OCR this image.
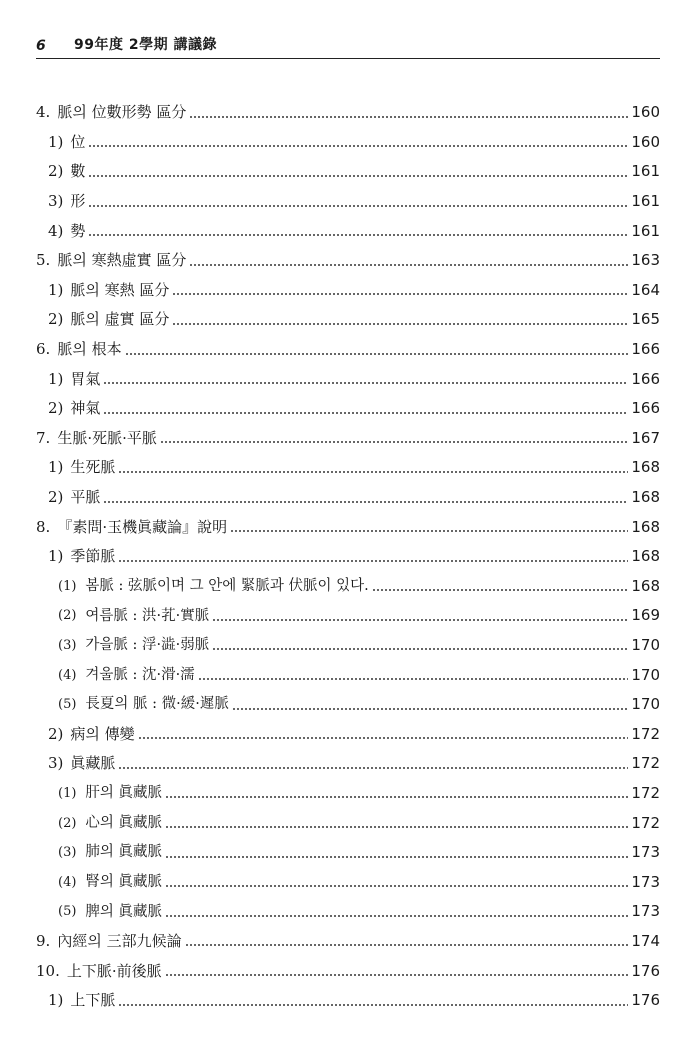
6	99年度 2學期 講議錄
4. 脈의 位數形勢 區分	160
1) 位	160
2) 數	161
3) 形	161
4) 勢	161
5. 脈의 寒熱虛實 區分	163
1) 脈의 寒熱 區分	164
2) 脈의 虛實 區分	165
6. 脈의 根本	166
1) 胃氣	166
2) 神氣	166
7. 生脈·死脈·平脈	167
1) 生死脈	168
2) 平脈	168
8. 『素問·玉機眞藏論』說明	168
1) 季節脈	168
(1) 봄脈 : 弦脈이며 그 안에 緊脈과 伏脈이 있다.	168
(2) 여름脈 : 洪·芤·實脈	169
(3) 가을脈 : 浮·澁·弱脈	170
(4) 겨울脈 : 沈·滑·濡	170
(5) 長夏의 脈 : 微·緩·遲脈	170
2) 病의 傳變	172
3) 眞藏脈	172
(1) 肝의 眞藏脈	172
(2) 心의 眞藏脈	172
(3) 肺의 眞藏脈	173
(4) 腎의 眞藏脈	173
(5) 脾의 眞藏脈	173
9. 內經의 三部九候論	174
10. 上下脈·前後脈	176
1) 上下脈	176
